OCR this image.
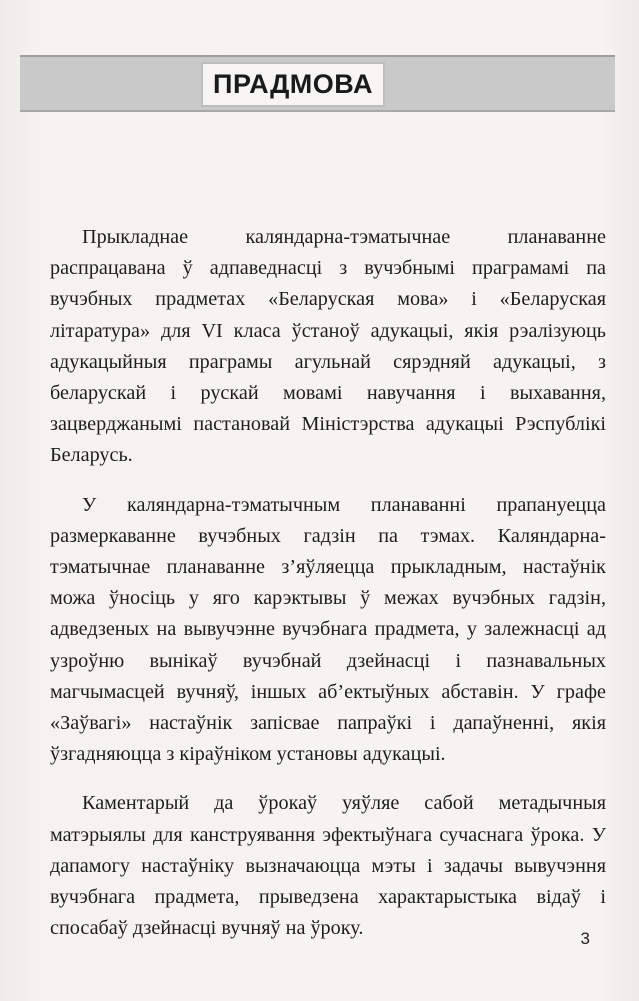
ПРАДМОВА

Прыкладнае каляндарна-тэматычнае планаванне распрацавана ў адпаведнасці з вучэбнымі праграмамі па вучэбных прадметах «Беларуская мова» і «Беларуская літаратура» для VI класа ўстаноў адукацыі, якія рэалізуюць адукацыйныя праграмы агульнай сярэдняй адукацыі, з беларускай і рускай мовамі навучання і выхавання, зацверджанымі пастановай Міністэрства адукацыі Рэспублікі Беларусь.

У каляндарна-тэматычным планаванні прапануецца размеркаванне вучэбных гадзін па тэмах. Каляндарна-тэматычнае планаванне з’яўляецца прыкладным, настаўнік можа ўносіць у яго карэктывы ў межах вучэбных гадзін, адведзеных на вывучэнне вучэбнага прадмета, у залежнасці ад узроўню вынікаў вучэбнай дзейнасці і пазнавальных магчымасцей вучняў, іншых аб’ектыўных абставін. У графе «Заўвагі» настаўнік запісвае папраўкі і дапаўненні, якія ўзгадняюцца з кіраўніком установы адукацыі.

Каментарый да ўрокаў уяўляе сабой метадычныя матэрыялы для канструявання эфектыўнага сучаснага ўрока. У дапамогу настаўніку вызначаюцца мэты і задачы вывучэння вучэбнага прадмета, прыведзена характарыстыка відаў і спосабаў дзейнасці вучняў на ўроку.	3
